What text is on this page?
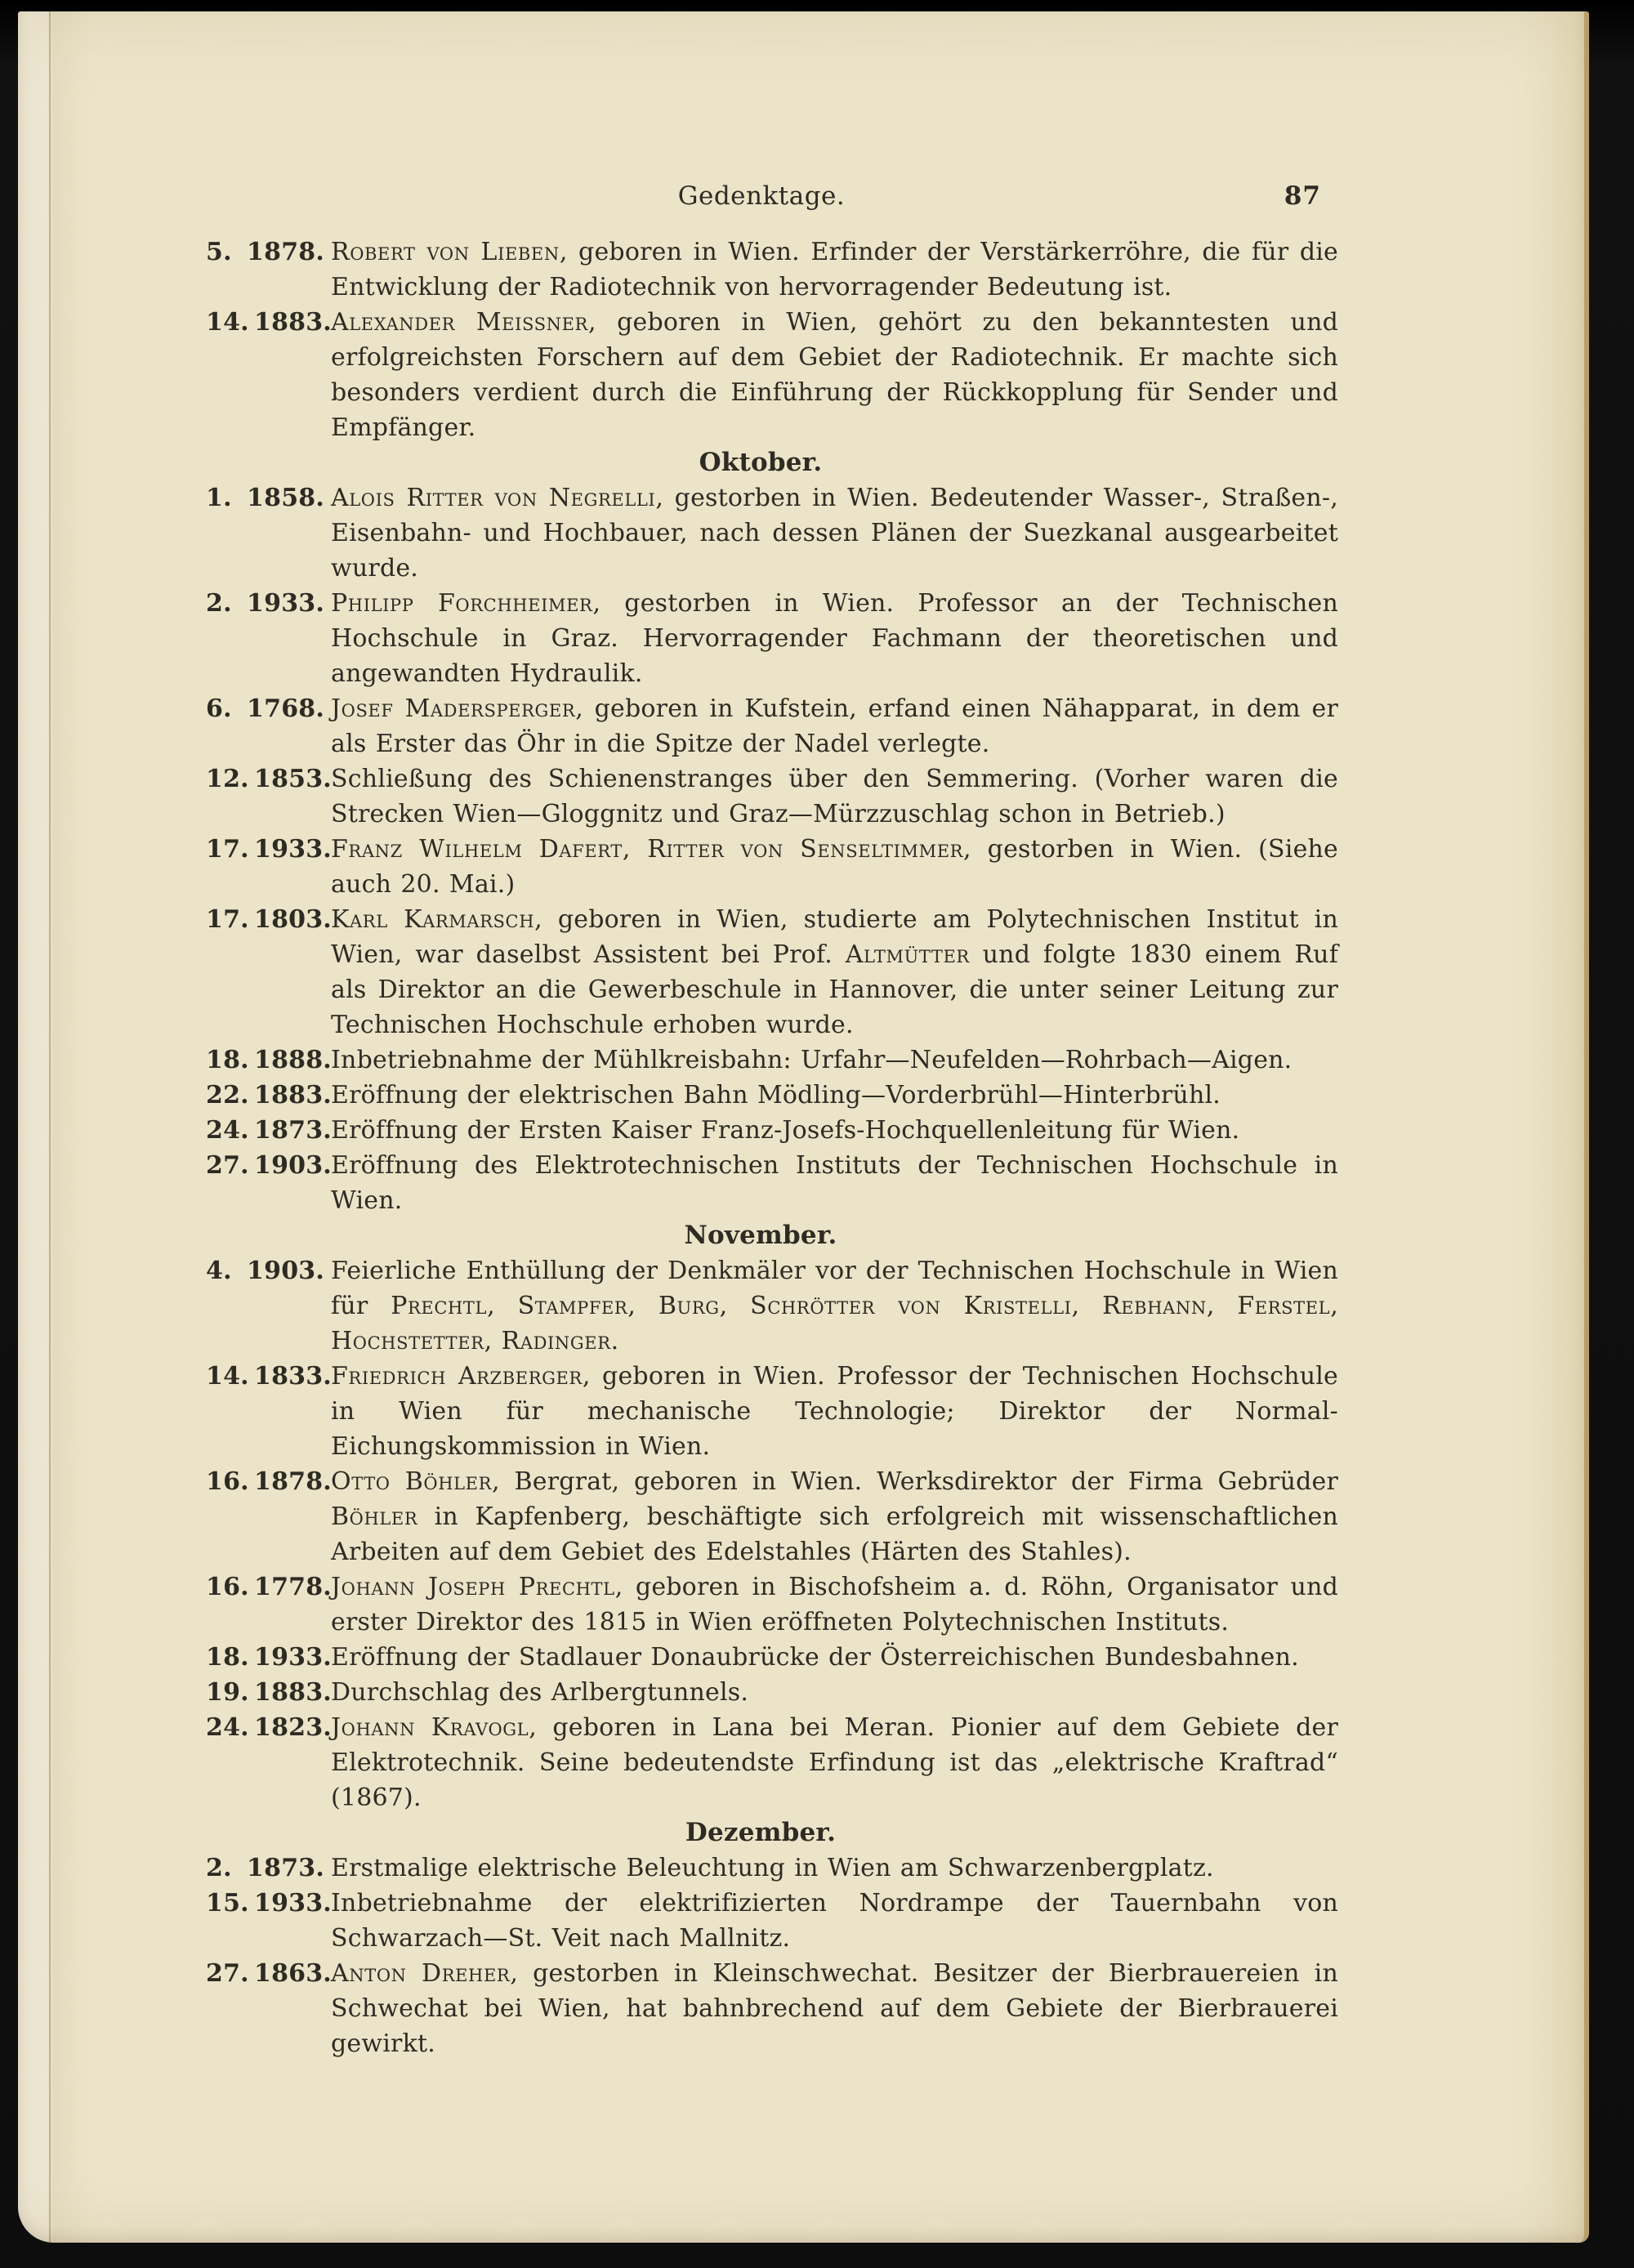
Gedenktage.	87
5. 1878. Robert von Lieben, geboren in Wien. Erfinder der Verstärkerröhre, die für die Entwicklung der Radiotechnik von hervorragender Bedeutung ist.
14. 1883. Alexander Meissner, geboren in Wien, gehört zu den bekanntesten und erfolgreichsten Forschern auf dem Gebiet der Radiotechnik. Er machte sich besonders verdient durch die Einführung der Rückkopplung für Sender und Empfänger.
Oktober.
1. 1858. Alois Ritter von Negrelli, gestorben in Wien. Bedeutender Wasser-, Straßen-, Eisenbahn- und Hochbauer, nach dessen Plänen der Suezkanal ausgearbeitet wurde.
2. 1933. Philipp Forchheimer, gestorben in Wien. Professor an der Technischen Hochschule in Graz. Hervorragender Fachmann der theoretischen und angewandten Hydraulik.
6. 1768. Josef Madersperger, geboren in Kufstein, erfand einen Nähapparat, in dem er als Erster das Öhr in die Spitze der Nadel verlegte.
12. 1853. Schließung des Schienenstranges über den Semmering. (Vorher waren die Strecken Wien—Gloggnitz und Graz—Mürzzuschlag schon in Betrieb.)
17. 1933. Franz Wilhelm Dafert, Ritter von Senseltimmer, gestorben in Wien. (Siehe auch 20. Mai.)
17. 1803. Karl Karmarsch, geboren in Wien, studierte am Polytechnischen Institut in Wien, war daselbst Assistent bei Prof. Altmütter und folgte 1830 einem Ruf als Direktor an die Gewerbeschule in Hannover, die unter seiner Leitung zur Technischen Hochschule erhoben wurde.
18. 1888. Inbetriebnahme der Mühlkreisbahn: Urfahr—Neufelden—Rohrbach—Aigen.
22. 1883. Eröffnung der elektrischen Bahn Mödling—Vorderbrühl—Hinterbrühl.
24. 1873. Eröffnung der Ersten Kaiser Franz-Josefs-Hochquellenleitung für Wien.
27. 1903. Eröffnung des Elektrotechnischen Instituts der Technischen Hochschule in Wien.
November.
4. 1903. Feierliche Enthüllung der Denkmäler vor der Technischen Hochschule in Wien für Prechtl, Stampfer, Burg, Schrötter von Kristelli, Rebhann, Ferstel, Hochstetter, Radinger.
14. 1833. Friedrich Arzberger, geboren in Wien. Professor der Technischen Hochschule in Wien für mechanische Technologie; Direktor der Normal-Eichungskommission in Wien.
16. 1878. Otto Böhler, Bergrat, geboren in Wien. Werksdirektor der Firma Gebrüder Böhler in Kapfenberg, beschäftigte sich erfolgreich mit wissenschaftlichen Arbeiten auf dem Gebiet des Edelstahles (Härten des Stahles).
16. 1778. Johann Joseph Prechtl, geboren in Bischofsheim a. d. Röhn, Organisator und erster Direktor des 1815 in Wien eröffneten Polytechnischen Instituts.
18. 1933. Eröffnung der Stadlauer Donaubrücke der Österreichischen Bundesbahnen.
19. 1883. Durchschlag des Arlbergtunnels.
24. 1823. Johann Kravogl, geboren in Lana bei Meran. Pionier auf dem Gebiete der Elektrotechnik. Seine bedeutendste Erfindung ist das „elektrische Kraftrad“ (1867).
Dezember.
2. 1873. Erstmalige elektrische Beleuchtung in Wien am Schwarzenbergplatz.
15. 1933. Inbetriebnahme der elektrifizierten Nordrampe der Tauernbahn von Schwarzach—St. Veit nach Mallnitz.
27. 1863. Anton Dreher, gestorben in Kleinschwechat. Besitzer der Bierbrauereien in Schwechat bei Wien, hat bahnbrechend auf dem Gebiete der Bierbrauerei gewirkt.
